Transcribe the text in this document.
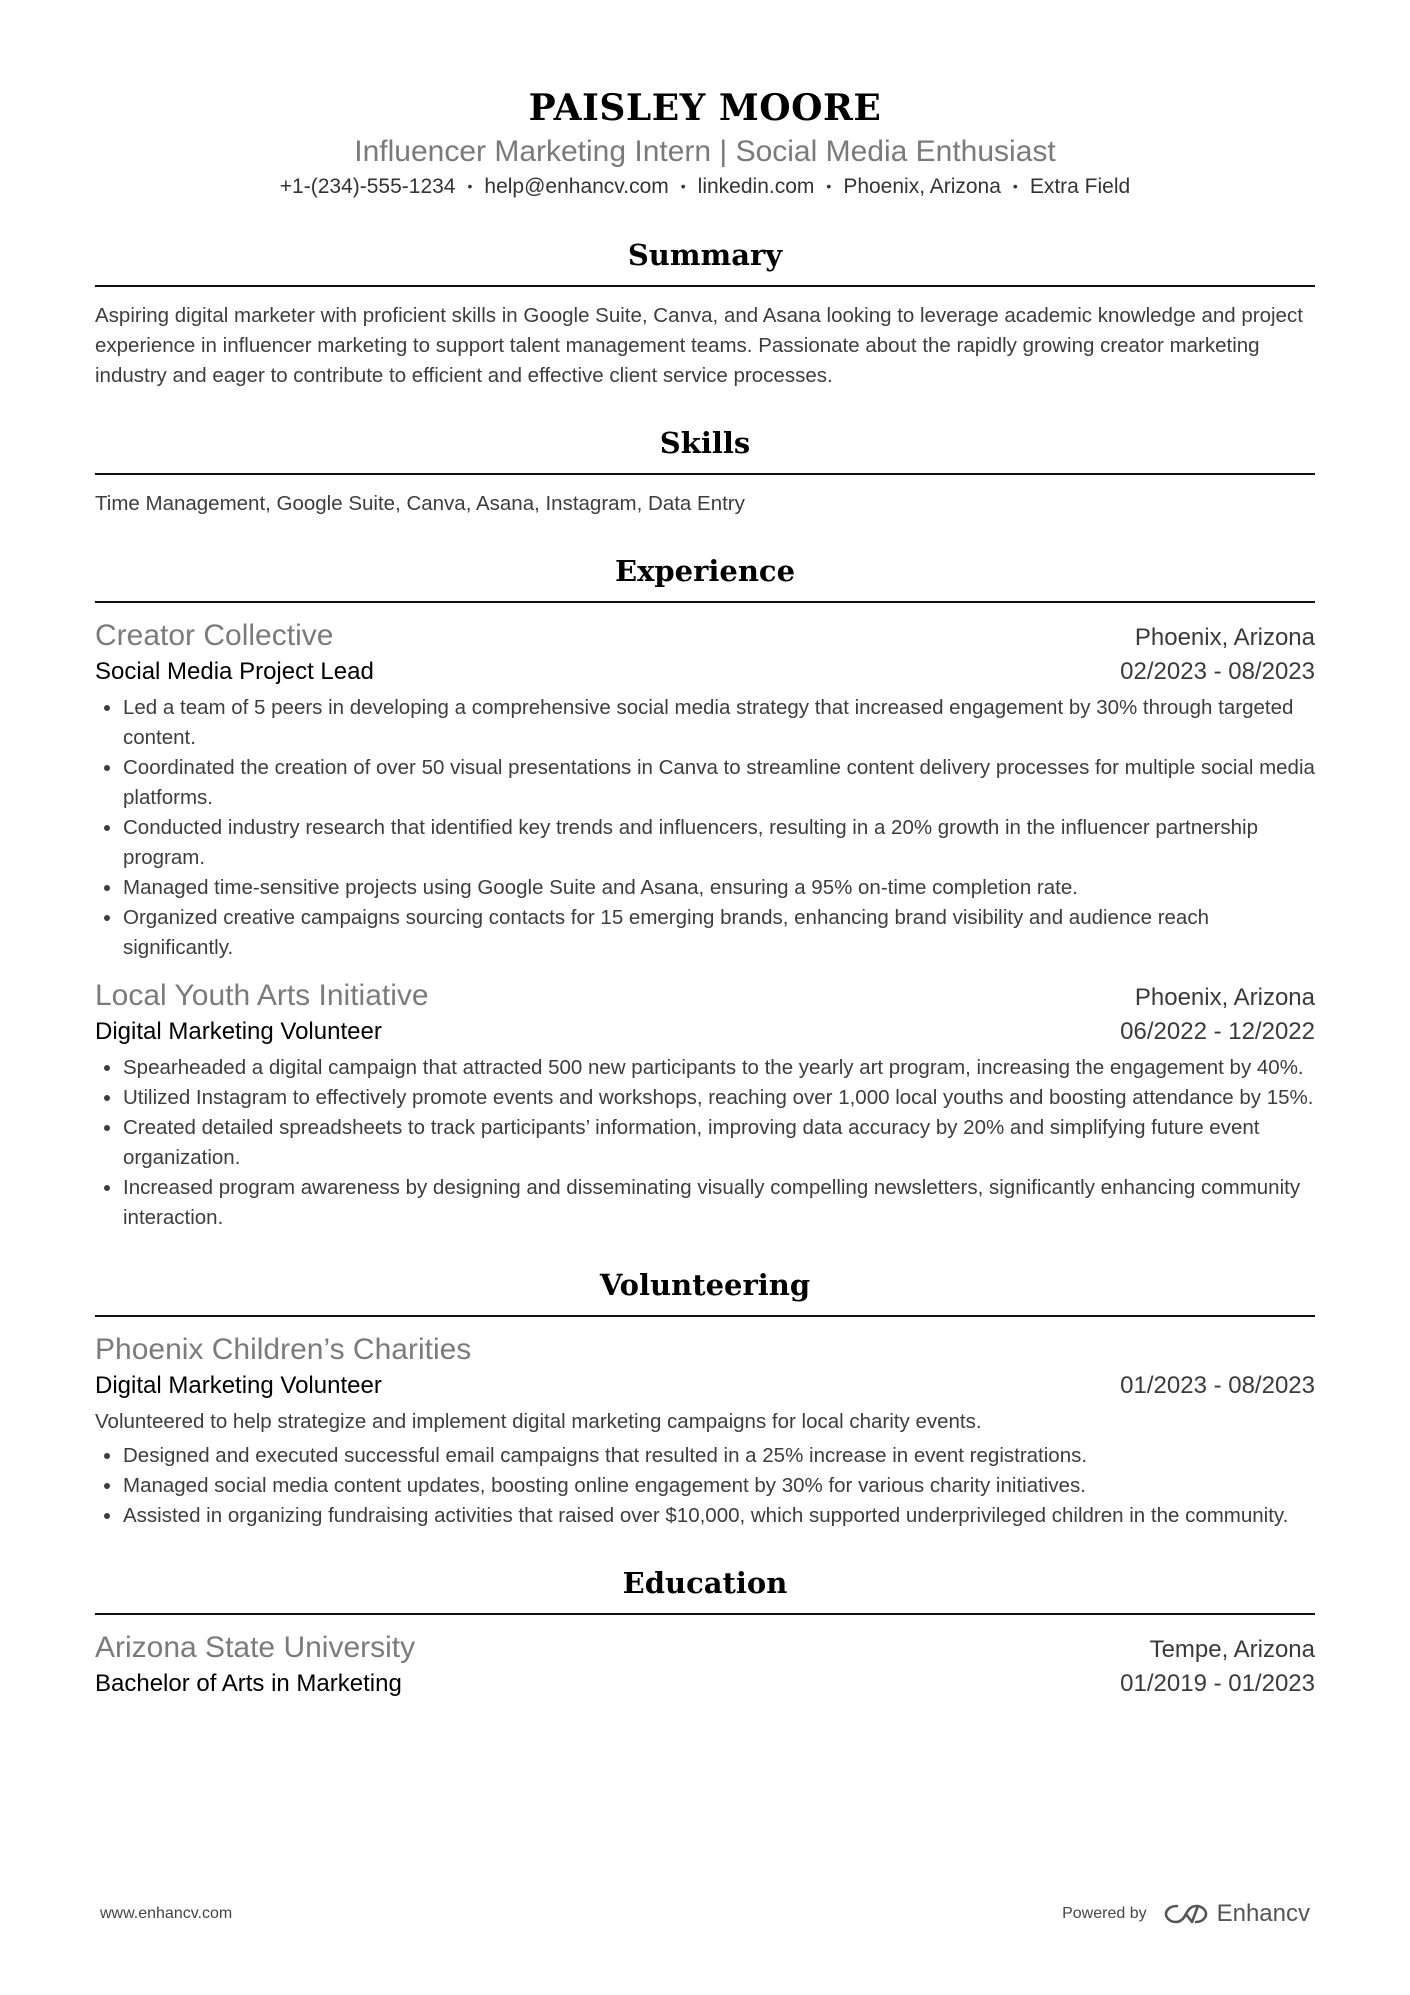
PAISLEY MOORE
Influencer Marketing Intern | Social Media Enthusiast
+1-(234)-555-1234 • help@enhancv.com • linkedin.com • Phoenix, Arizona • Extra Field
Summary
Aspiring digital marketer with proficient skills in Google Suite, Canva, and Asana looking to leverage academic knowledge and project experience in influencer marketing to support talent management teams. Passionate about the rapidly growing creator marketing industry and eager to contribute to efficient and effective client service processes.
Skills
Time Management, Google Suite, Canva, Asana, Instagram, Data Entry
Experience
Creator Collective	Phoenix, Arizona
Social Media Project Lead	02/2023 - 08/2023
• Led a team of 5 peers in developing a comprehensive social media strategy that increased engagement by 30% through targeted content.
• Coordinated the creation of over 50 visual presentations in Canva to streamline content delivery processes for multiple social media platforms.
• Conducted industry research that identified key trends and influencers, resulting in a 20% growth in the influencer partnership program.
• Managed time-sensitive projects using Google Suite and Asana, ensuring a 95% on-time completion rate.
• Organized creative campaigns sourcing contacts for 15 emerging brands, enhancing brand visibility and audience reach significantly.
Local Youth Arts Initiative	Phoenix, Arizona
Digital Marketing Volunteer	06/2022 - 12/2022
• Spearheaded a digital campaign that attracted 500 new participants to the yearly art program, increasing the engagement by 40%.
• Utilized Instagram to effectively promote events and workshops, reaching over 1,000 local youths and boosting attendance by 15%.
• Created detailed spreadsheets to track participants’ information, improving data accuracy by 20% and simplifying future event organization.
• Increased program awareness by designing and disseminating visually compelling newsletters, significantly enhancing community interaction.
Volunteering
Phoenix Children’s Charities
Digital Marketing Volunteer	01/2023 - 08/2023
Volunteered to help strategize and implement digital marketing campaigns for local charity events.
• Designed and executed successful email campaigns that resulted in a 25% increase in event registrations.
• Managed social media content updates, boosting online engagement by 30% for various charity initiatives.
• Assisted in organizing fundraising activities that raised over $10,000, which supported underprivileged children in the community.
Education
Arizona State University	Tempe, Arizona
Bachelor of Arts in Marketing	01/2019 - 01/2023
www.enhancv.com	Powered by	Enhancv
